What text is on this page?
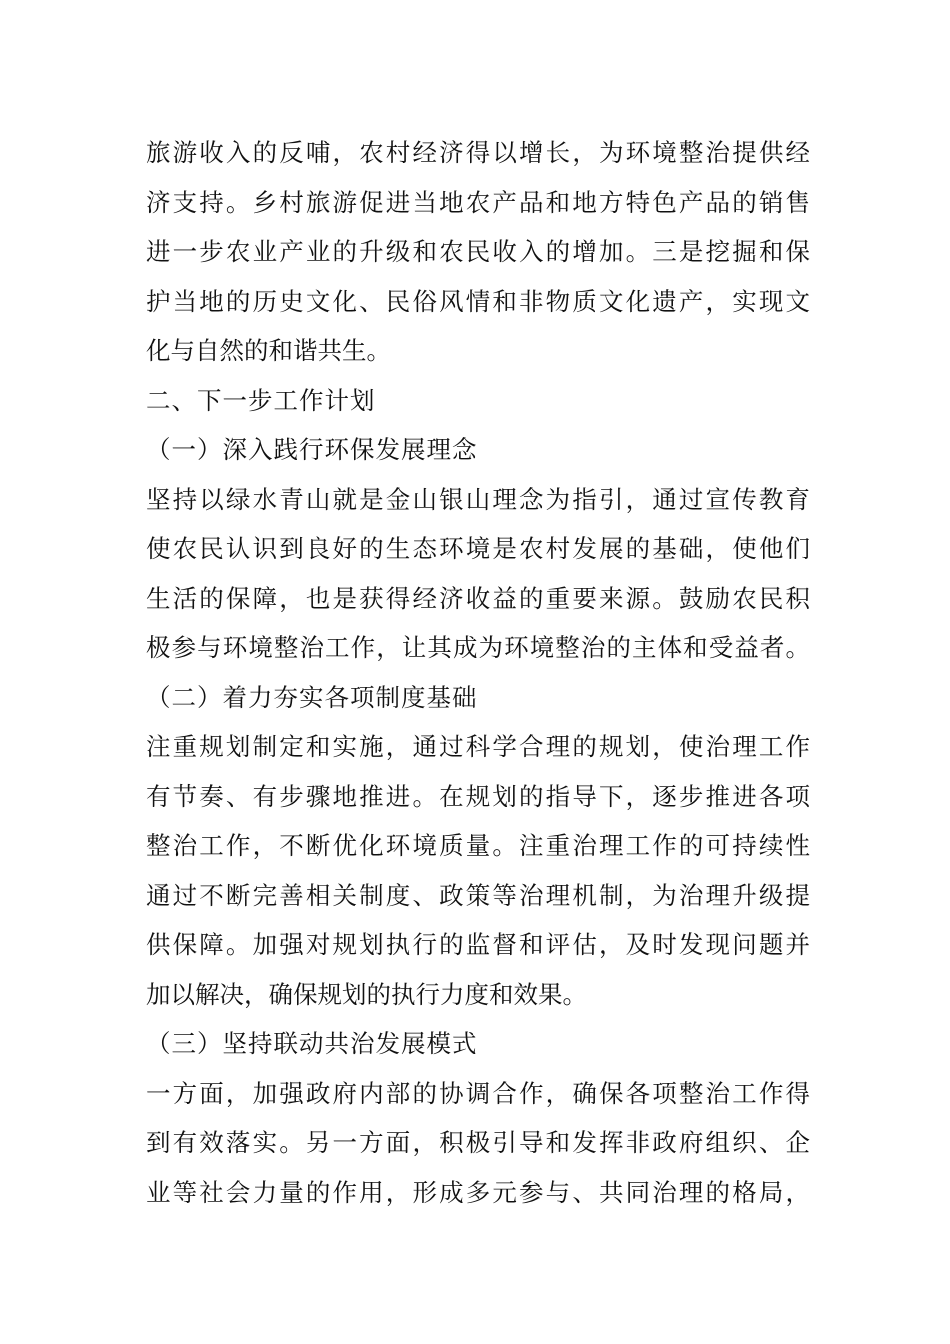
旅游收入的反哺，农村经济得以增长，为环境整治提供经
济支持。乡村旅游促进当地农产品和地方特色产品的销售
进一步农业产业的升级和农民收入的增加。三是挖掘和保
护当地的历史文化、民俗风情和非物质文化遗产，实现文
化与自然的和谐共生。
二、下一步工作计划
（一）深入践行环保发展理念
坚持以绿水青山就是金山银山理念为指引，通过宣传教育
使农民认识到良好的生态环境是农村发展的基础，使他们
生活的保障，也是获得经济收益的重要来源。鼓励农民积
极参与环境整治工作，让其成为环境整治的主体和受益者。
（二）着力夯实各项制度基础
注重规划制定和实施，通过科学合理的规划，使治理工作
有节奏、有步骤地推进。在规划的指导下，逐步推进各项
整治工作，不断优化环境质量。注重治理工作的可持续性
通过不断完善相关制度、政策等治理机制，为治理升级提
供保障。加强对规划执行的监督和评估，及时发现问题并
加以解决，确保规划的执行力度和效果。
（三）坚持联动共治发展模式
一方面，加强政府内部的协调合作，确保各项整治工作得
到有效落实。另一方面，积极引导和发挥非政府组织、企
业等社会力量的作用，形成多元参与、共同治理的格局，
